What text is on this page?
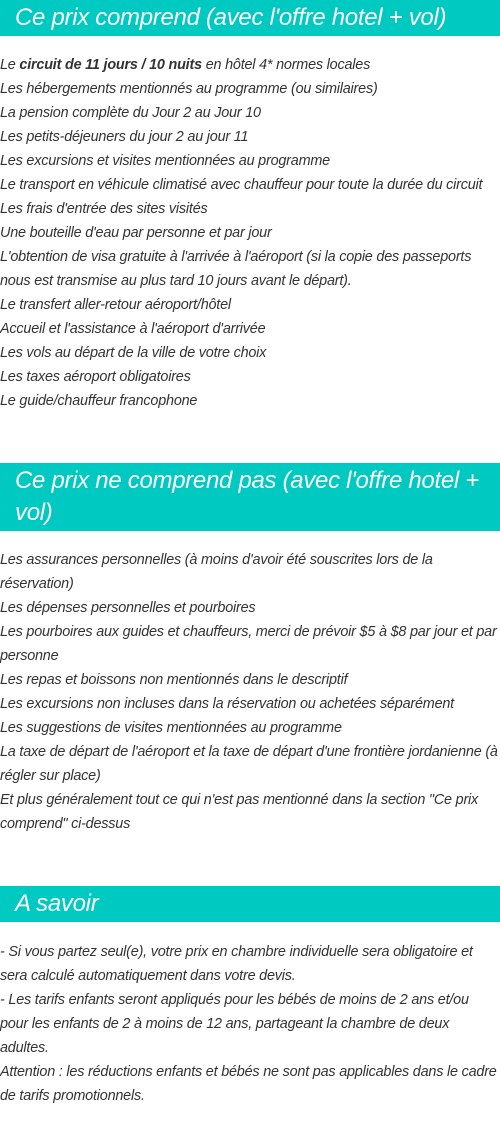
Ce prix comprend (avec l'offre hotel + vol)

Le circuit de 11 jours / 10 nuits en hôtel 4* normes locales

Les hébergements mentionnés au programme (ou similaires)

La pension complète du Jour 2 au Jour 10

Les petits-déjeuners du jour 2 au jour 11

Les excursions et visites mentionnées au programme

Le transport en véhicule climatisé avec chauffeur pour toute la durée du circuit

Les frais d'entrée des sites visités

Une bouteille d'eau par personne et par jour

L'obtention de visa gratuite à l'arrivée à l'aéroport (si la copie des passeports nous est transmise au plus tard 10 jours avant le départ).

Le transfert aller-retour aéroport/hôtel

Accueil et l'assistance à l'aéroport d'arrivée

Les vols au départ de la ville de votre choix

Les taxes aéroport obligatoires

Le guide/chauffeur francophone

Ce prix ne comprend pas (avec l'offre hotel + vol)

Les assurances personnelles (à moins d'avoir été souscrites lors de la réservation)

Les dépenses personnelles et pourboires

Les pourboires aux guides et chauffeurs, merci de prévoir $5 à $8 par jour et par personne

Les repas et boissons non mentionnés dans le descriptif

Les excursions non incluses dans la réservation ou achetées séparément

Les suggestions de visites mentionnées au programme

La taxe de départ de l'aéroport et la taxe de départ d'une frontière jordanienne (à régler sur place)

Et plus généralement tout ce qui n'est pas mentionné dans la section "Ce prix comprend" ci-dessus

A savoir

- Si vous partez seul(e), votre prix en chambre individuelle sera obligatoire et sera calculé automatiquement dans votre devis.

- Les tarifs enfants seront appliqués pour les bébés de moins de 2 ans et/ou pour les enfants de 2 à moins de 12 ans, partageant la chambre de deux adultes.

Attention : les réductions enfants et bébés ne sont pas applicables dans le cadre de tarifs promotionnels.
